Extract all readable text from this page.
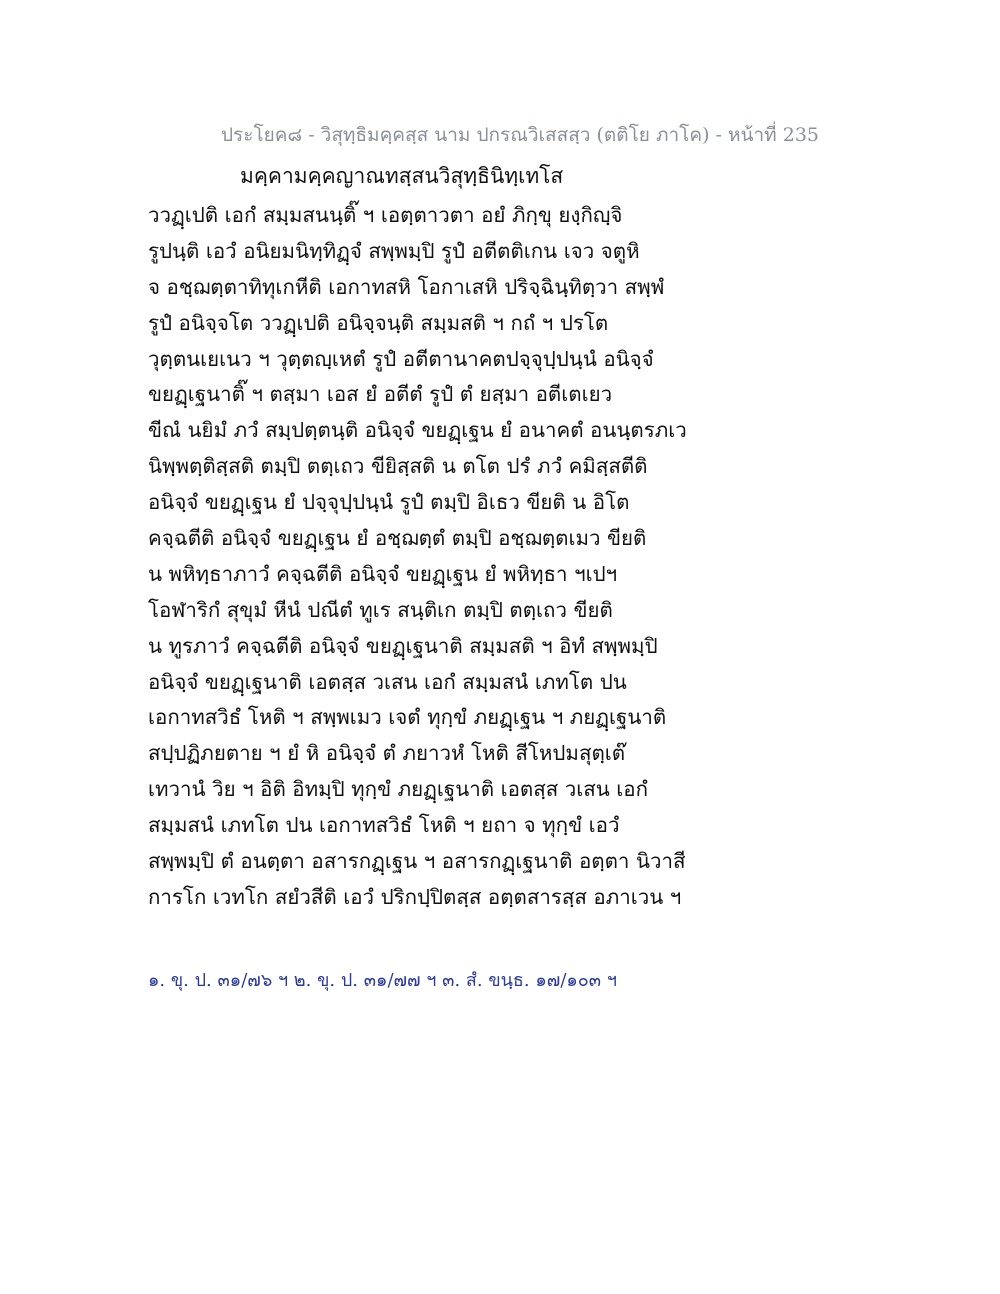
ประโยค๘ - วิสุทฺธิมคฺคสฺส นาม ปกรณวิเสสสฺว (ตติโย ภาโค) - หน้าที่ 235
มคฺคามคฺคญาณทสฺสนวิสุทฺธินิทฺเทโส
ววฏฺเปติ เอกํ สมฺมสนนฺติ๊ ฯ เอตฺตาวตา อยํ ภิกฺขุ ยงฺกิญฺจิ
รูปนฺติ เอวํ อนิยมนิทฺทิฏฺจํ สพฺพมฺปิ รูปํ อตีตติเกน เจว จตูหิ
จ อชฺฌตฺตาทิทุเกหีติ เอกาทสหิ โอกาเสหิ ปริจฺฉินฺทิตฺวา สพฺพํ
รูปํ อนิจฺจโต ววฏฺเปติ อนิจฺจนฺติ สมฺมสติ ฯ กถํ ฯ ปรโต
วุตฺตนเยเนว ฯ วุตฺตญฺเหตํ รูปํ อตีตานาคตปจฺจุปฺปนฺนํ อนิจฺจํ
ขยฏฺเฐนาติ๊ ฯ ตสฺมา เอส ยํ อตีตํ รูปํ ตํ ยสฺมา อตีเตเยว
ขีณํ นยิมํ ภวํ สมฺปตฺตนฺติ อนิจฺจํ ขยฏฺเฐน ยํ อนาคตํ อนนฺตรภเว
นิพฺพตฺติสฺสติ ตมฺปิ ตตฺเถว ขียิสฺสติ น ตโต ปรํ ภวํ คมิสฺสตีติ
อนิจฺจํ ขยฏฺเฐน ยํ ปจฺจุปฺปนฺนํ รูปํ ตมฺปิ อิเธว ขียติ น อิโต
คจฺฉตีติ อนิจฺจํ ขยฏฺเฐน ยํ อชฺฌตฺตํ ตมฺปิ อชฺฌตฺตเมว ขียติ
น พหิทฺธาภาวํ คจฺฉตีติ อนิจฺจํ ขยฏฺเฐน ยํ พหิทฺธา ฯเปฯ
โอฬาริกํ สุขุมํ หีนํ ปณีตํ ทูเร สนฺติเก ตมฺปิ ตตฺเถว ขียติ
น ทูรภาวํ คจฺฉตีติ อนิจฺจํ ขยฏฺเฐนาติ สมฺมสติ ฯ อิทํ สพฺพมฺปิ
อนิจฺจํ ขยฏฺเฐนาติ เอตสฺส วเสน เอกํ สมฺมสนํ เภทโต ปน
เอกาทสวิธํ โหติ ฯ สพฺพเมว เจตํ ทุกฺขํ ภยฏฺเฐน ฯ ภยฏฺเฐนาติ
สปฺปฏิภยตาย ฯ ยํ หิ อนิจฺจํ ตํ ภยาวหํ โหติ สีโหปมสุตฺเต๊
เทวานํ วิย ฯ อิติ อิทมฺปิ ทุกฺขํ ภยฏฺเฐนาติ เอตสฺส วเสน เอกํ
สมฺมสนํ เภทโต ปน เอกาทสวิธํ โหติ ฯ ยถา จ ทุกฺขํ เอวํ
สพฺพมฺปิ ตํ อนตฺตา อสารกฏฺเฐน ฯ อสารกฏฺเฐนาติ อตฺตา นิวาสี
การโก เวทโก สยํวสีติ เอวํ ปริกปฺปิตสฺส อตฺตสารสฺส อภาเวน ฯ
๑. ขุ. ป. ๓๑/๗๖ ฯ ๒. ขุ. ป. ๓๑/๗๗ ฯ ๓. สํ. ขนฺธ. ๑๗/๑๐๓ ฯ
